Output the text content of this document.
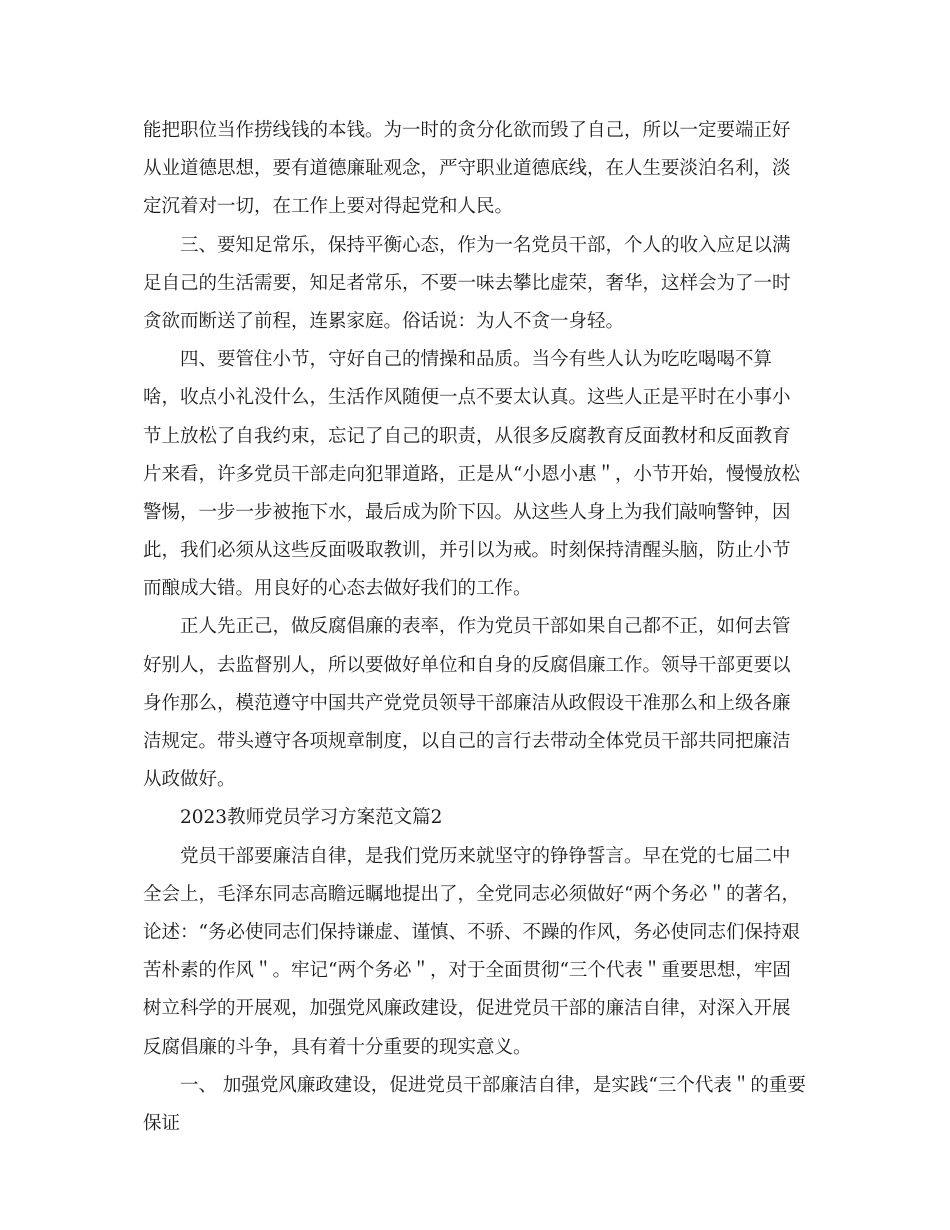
能把职位当作捞线钱的本钱。为一时的贪分化欲而毁了自己，所以一定要端正好
从业道德思想，要有道德廉耻观念，严守职业道德底线，在人生要淡泊名利，淡
定沉着对一切，在工作上要对得起党和人民。
三、要知足常乐，保持平衡心态，作为一名党员干部，个人的收入应足以满
足自己的生活需要，知足者常乐，不要一味去攀比虚荣，奢华，这样会为了一时
贪欲而断送了前程，连累家庭。俗话说：为人不贪一身轻。
四、要管住小节，守好自己的情操和品质。当今有些人认为吃吃喝喝不算
啥，收点小礼没什么，生活作风随便一点不要太认真。这些人正是平时在小事小
节上放松了自我约束，忘记了自己的职责，从很多反腐教育反面教材和反面教育
片来看，许多党员干部走向犯罪道路，正是从“小恩小惠＂，小节开始，慢慢放松
警惕，一步一步被拖下水，最后成为阶下囚。从这些人身上为我们敲响警钟，因
此，我们必须从这些反面吸取教训，并引以为戒。时刻保持清醒头脑，防止小节
而酿成大错。用良好的心态去做好我们的工作。
正人先正己，做反腐倡廉的表率，作为党员干部如果自己都不正，如何去管
好别人，去监督别人，所以要做好单位和自身的反腐倡廉工作。领导干部更要以
身作那么，模范遵守中国共产党党员领导干部廉洁从政假设干准那么和上级各廉
洁规定。带头遵守各项规章制度，以自己的言行去带动全体党员干部共同把廉洁
从政做好。
2023教师党员学习方案范文篇2
党员干部要廉洁自律，是我们党历来就坚守的铮铮誓言。早在党的七届二中
全会上，毛泽东同志高瞻远瞩地提出了，全党同志必须做好“两个务必＂的著名，
论述：“务必使同志们保持谦虚、谨慎、不骄、不躁的作风，务必使同志们保持艰
苦朴素的作风＂。牢记“两个务必＂，对于全面贯彻“三个代表＂重要思想，牢固
树立科学的开展观，加强党风廉政建设，促进党员干部的廉洁自律，对深入开展
反腐倡廉的斗争，具有着十分重要的现实意义。
一、 加强党风廉政建设，促进党员干部廉洁自律，是实践“三个代表＂的重要
保证
